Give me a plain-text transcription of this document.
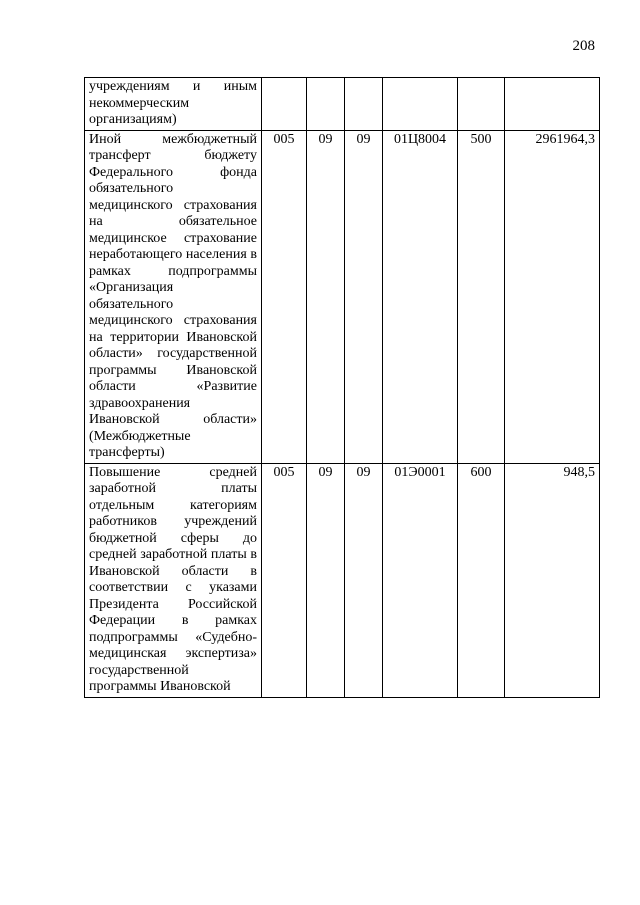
208
учреждениям и иным некоммерческим организациям)						
Иной межбюджетный трансферт бюджету Федерального фонда обязательного медицинского страхования на обязательное медицинское страхование неработающего населения в рамках подпрограммы «Организация обязательного медицинского страхования на территории Ивановской области» государственной программы Ивановской области «Развитие здравоохранения Ивановской области» (Межбюджетные трансферты)	005	09	09	01Ц8004	500	2961964,3
Повышение средней заработной платы отдельным категориям работников учреждений бюджетной сферы до средней заработной платы в Ивановской области в соответствии с указами Президента Российской Федерации в рамках подпрограммы «Судебно-медицинская экспертиза» государственной программы Ивановской	005	09	09	01Э0001	600	948,5
